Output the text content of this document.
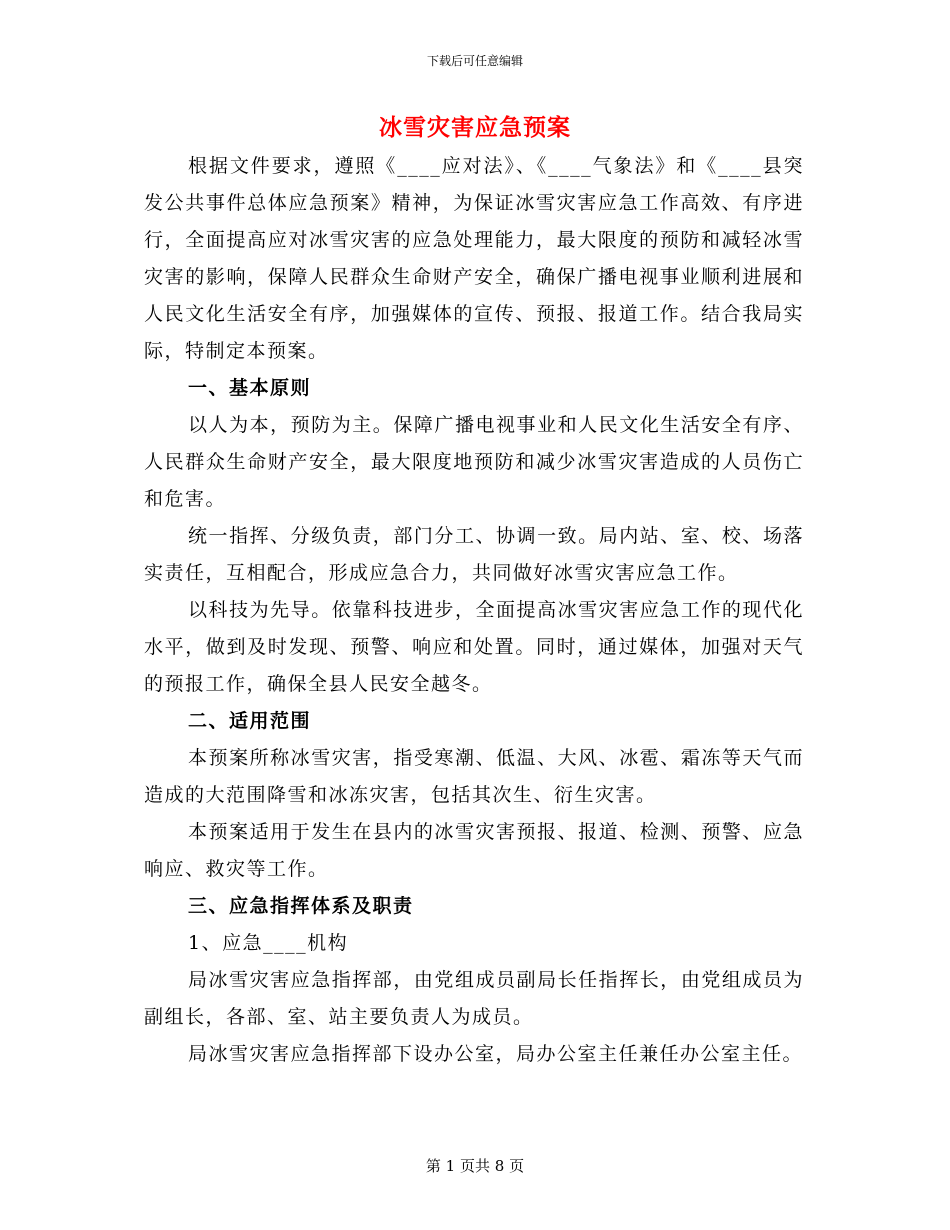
下载后可任意编辑
冰雪灾害应急预案

根据文件要求，遵照《____应对法》、《____气象法》和《____县突发公共事件总体应急预案》精神，为保证冰雪灾害应急工作高效、有序进行，全面提高应对冰雪灾害的应急处理能力，最大限度的预防和减轻冰雪灾害的影响，保障人民群众生命财产安全，确保广播电视事业顺利进展和人民文化生活安全有序，加强媒体的宣传、预报、报道工作。结合我局实际，特制定本预案。

一、基本原则

以人为本，预防为主。保障广播电视事业和人民文化生活安全有序、人民群众生命财产安全，最大限度地预防和减少冰雪灾害造成的人员伤亡和危害。

统一指挥、分级负责，部门分工、协调一致。局内站、室、校、场落实责任，互相配合，形成应急合力，共同做好冰雪灾害应急工作。

以科技为先导。依靠科技进步，全面提高冰雪灾害应急工作的现代化水平，做到及时发现、预警、响应和处置。同时，通过媒体，加强对天气的预报工作，确保全县人民安全越冬。

二、适用范围

本预案所称冰雪灾害，指受寒潮、低温、大风、冰雹、霜冻等天气而造成的大范围降雪和冰冻灾害，包括其次生、衍生灾害。

本预案适用于发生在县内的冰雪灾害预报、报道、检测、预警、应急响应、救灾等工作。

三、应急指挥体系及职责

1、应急____机构

局冰雪灾害应急指挥部，由党组成员副局长任指挥长，由党组成员为副组长，各部、室、站主要负责人为成员。

局冰雪灾害应急指挥部下设办公室，局办公室主任兼任办公室主任。

第 1 页共 8 页
